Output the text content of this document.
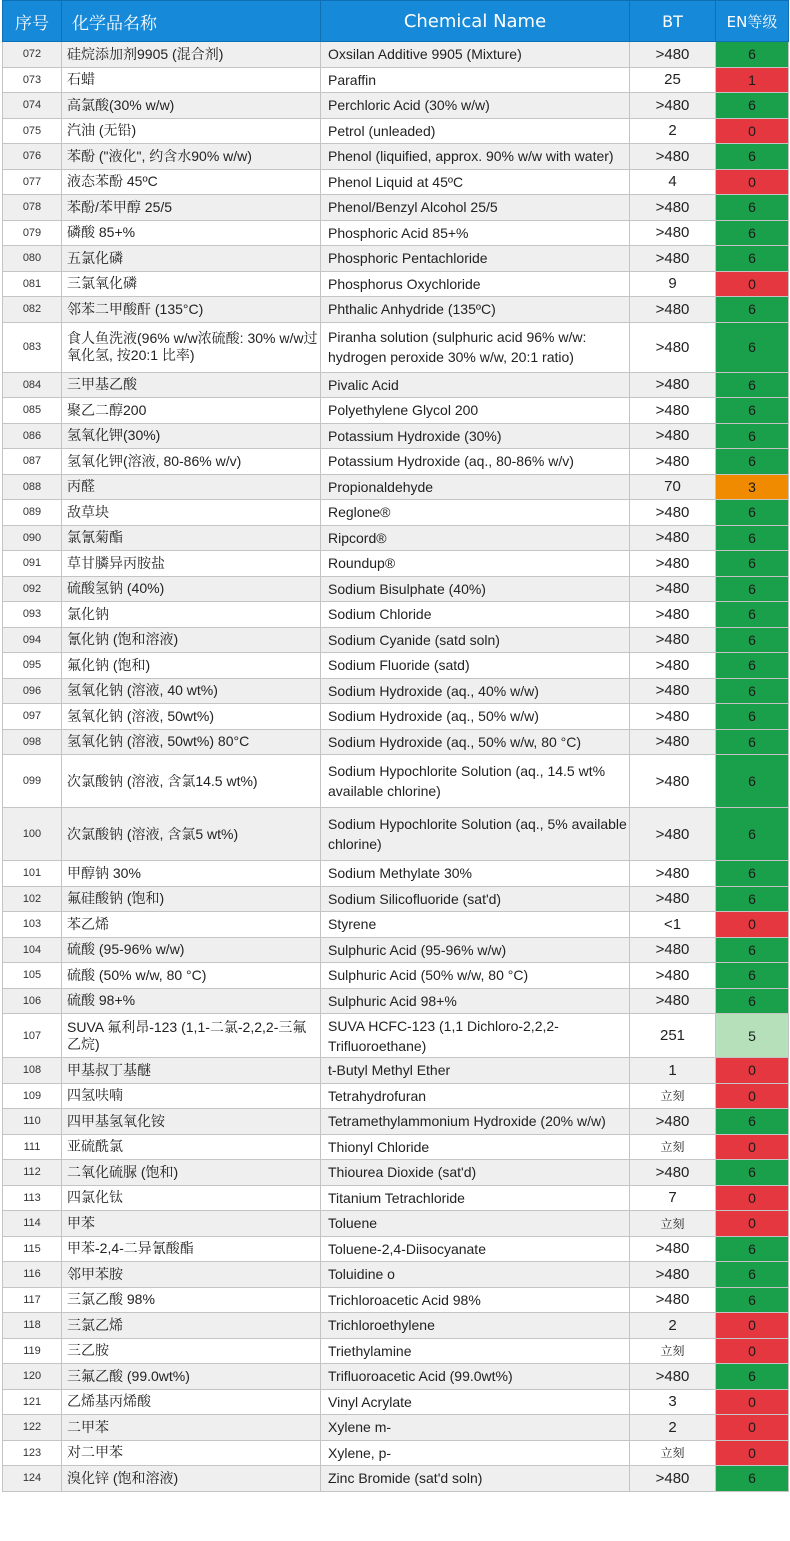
序号	化学品名称	Chemical Name	BT	EN等级
072	硅烷添加剂9905 (混合剂)	Oxsilan Additive 9905 (Mixture)	>480	6
073	石蜡	Paraffin	25	1
074	高氯酸(30% w/w)	Perchloric Acid (30% w/w)	>480	6
075	汽油 (无铅)	Petrol (unleaded)	2	0
076	苯酚 ("液化", 约含水90% w/w)	Phenol (liquified, approx. 90% w/w with water)	>480	6
077	液态苯酚 45ºC	Phenol Liquid at 45ºC	4	0
078	苯酚/苯甲醇 25/5	Phenol/Benzyl Alcohol 25/5	>480	6
079	磷酸 85+%	Phosphoric Acid 85+%	>480	6
080	五氯化磷	Phosphoric Pentachloride	>480	6
081	三氯氧化磷	Phosphorus Oxychloride	9	0
082	邻苯二甲酸酐 (135°C)	Phthalic Anhydride (135ºC)	>480	6
083	食人鱼洗液(96% w/w浓硫酸: 30% w/w过氧化氢, 按20:1 比率)	Piranha solution (sulphuric acid 96% w/w: hydrogen peroxide 30% w/w, 20:1 ratio)	>480	6
084	三甲基乙酸	Pivalic Acid	>480	6
085	聚乙二醇200	Polyethylene Glycol 200	>480	6
086	氢氧化钾(30%)	Potassium Hydroxide (30%)	>480	6
087	氢氧化钾(溶液, 80-86% w/v)	Potassium Hydroxide (aq., 80-86% w/v)	>480	6
088	丙醛	Propionaldehyde	70	3
089	敌草块	Reglone®	>480	6
090	氯氰菊酯	Ripcord®	>480	6
091	草甘膦异丙胺盐	Roundup®	>480	6
092	硫酸氢钠 (40%)	Sodium Bisulphate (40%)	>480	6
093	氯化钠	Sodium Chloride	>480	6
094	氰化钠 (饱和溶液)	Sodium Cyanide (satd soln)	>480	6
095	氟化钠 (饱和)	Sodium Fluoride (satd)	>480	6
096	氢氧化钠 (溶液, 40 wt%)	Sodium Hydroxide (aq., 40% w/w)	>480	6
097	氢氧化钠 (溶液, 50wt%)	Sodium Hydroxide (aq., 50% w/w)	>480	6
098	氢氧化钠 (溶液, 50wt%) 80°C	Sodium Hydroxide (aq., 50% w/w, 80 °C)	>480	6
099	次氯酸钠 (溶液, 含氯14.5 wt%)	Sodium Hypochlorite Solution (aq., 14.5 wt% available chlorine)	>480	6
100	次氯酸钠 (溶液, 含氯5 wt%)	Sodium Hypochlorite Solution (aq., 5% available chlorine)	>480	6
101	甲醇钠 30%	Sodium Methylate 30%	>480	6
102	氟硅酸钠 (饱和)	Sodium Silicofluoride (sat'd)	>480	6
103	苯乙烯	Styrene	<1	0
104	硫酸 (95-96% w/w)	Sulphuric Acid (95-96% w/w)	>480	6
105	硫酸 (50% w/w, 80 °C)	Sulphuric Acid (50% w/w, 80 °C)	>480	6
106	硫酸 98+%	Sulphuric Acid 98+%	>480	6
107	SUVA 氟利昂-123 (1,1-二氯-2,2,2-三氟乙烷)	SUVA HCFC-123 (1,1 Dichloro-2,2,2-Trifluoroethane)	251	5
108	甲基叔丁基醚	t-Butyl Methyl Ether	1	0
109	四氢呋喃	Tetrahydrofuran	立刻	0
110	四甲基氢氧化铵	Tetramethylammonium Hydroxide (20% w/w)	>480	6
111	亚硫酰氯	Thionyl Chloride	立刻	0
112	二氧化硫脲 (饱和)	Thiourea Dioxide (sat'd)	>480	6
113	四氯化钛	Titanium Tetrachloride	7	0
114	甲苯	Toluene	立刻	0
115	甲苯-2,4-二异氰酸酯	Toluene-2,4-Diisocyanate	>480	6
116	邻甲苯胺	Toluidine o	>480	6
117	三氯乙酸 98%	Trichloroacetic Acid 98%	>480	6
118	三氯乙烯	Trichloroethylene	2	0
119	三乙胺	Triethylamine	立刻	0
120	三氟乙酸 (99.0wt%)	Trifluoroacetic Acid (99.0wt%)	>480	6
121	乙烯基丙烯酸	Vinyl Acrylate	3	0
122	二甲苯	Xylene m-	2	0
123	对二甲苯	Xylene, p-	立刻	0
124	溴化锌 (饱和溶液)	Zinc Bromide (sat'd soln)	>480	6
